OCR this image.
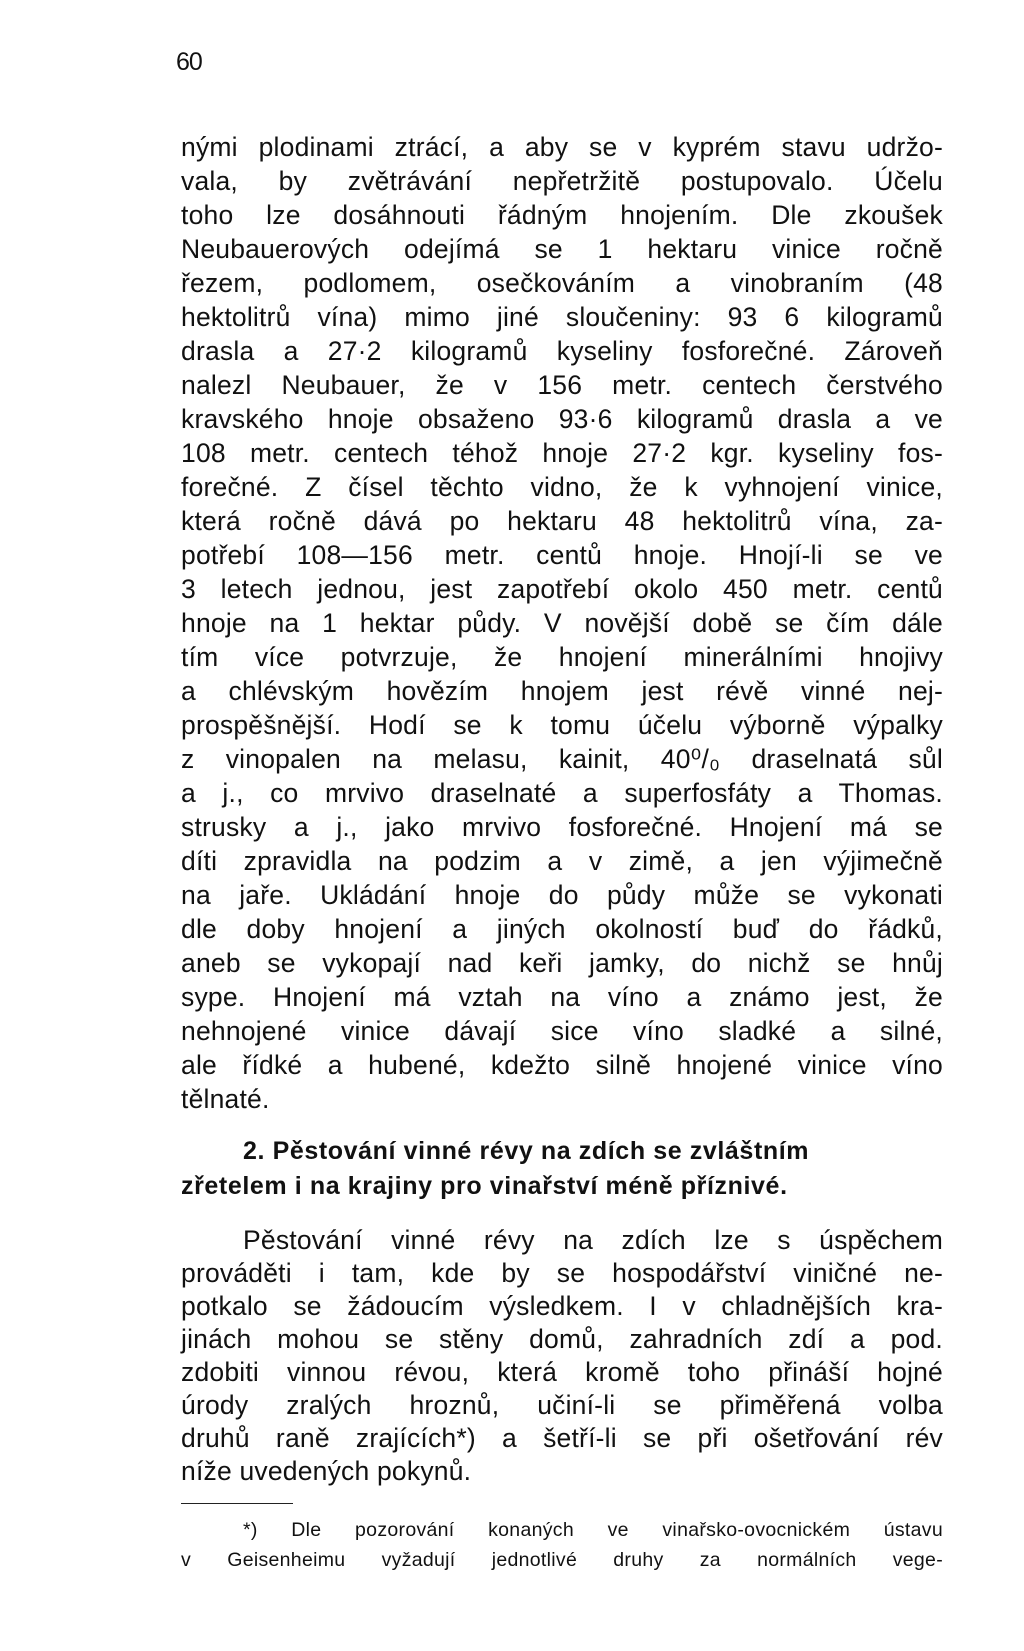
60
nými plodinami ztrácí, a aby se v kyprém stavu udržo-
vala, by zvětrávání nepřetržitě postupovalo. Účelu
toho lze dosáhnouti řádným hnojením. Dle zkoušek
Neubauerových odejímá se 1 hektaru vinice ročně
řezem, podlomem, osečkováním a vinobraním (48
hektolitrů vína) mimo jiné sloučeniny: 93 6 kilogramů
drasla a 27·2 kilogramů kyseliny fosforečné. Zároveň
nalezl Neubauer, že v 156 metr. centech čerstvého
kravského hnoje obsaženo 93·6 kilogramů drasla a ve
108 metr. centech téhož hnoje 27·2 kgr. kyseliny fos-
forečné. Z čísel těchto vidno, že k vyhnojení vinice,
která ročně dává po hektaru 48 hektolitrů vína, za-
potřebí 108—156 metr. centů hnoje. Hnojí-li se ve
3 letech jednou, jest zapotřebí okolo 450 metr. centů
hnoje na 1 hektar půdy. V novější době se čím dále
tím více potvrzuje, že hnojení minerálními hnojivy
a chlévským hovězím hnojem jest révě vinné nej-
prospěšnější. Hodí se k tomu účelu výborně výpalky
z vinopalen na melasu, kainit, 40⁰/₀ draselnatá sůl
a j., co mrvivo draselnaté a superfosfáty a Thomas.
strusky a j., jako mrvivo fosforečné. Hnojení má se
díti zpravidla na podzim a v zimě, a jen výjimečně
na jaře. Ukládání hnoje do půdy může se vykonati
dle doby hnojení a jiných okolností buď do řádků,
aneb se vykopají nad keři jamky, do nichž se hnůj
sype. Hnojení má vztah na víno a známo jest, že
nehnojené vinice dávají sice víno sladké a silné,
ale řídké a hubené, kdežto silně hnojené vinice víno
tělnaté.
2. Pěstování vinné révy na zdích se zvláštním
zřetelem i na krajiny pro vinařství méně příznivé.
Pěstování vinné révy na zdích lze s úspěchem
prováděti i tam, kde by se hospodářství viničné ne-
potkalo se žádoucím výsledkem. I v chladnějších kra-
jinách mohou se stěny domů, zahradních zdí a pod.
zdobiti vinnou révou, která kromě toho přináší hojné
úrody zralých hroznů, učiní-li se přiměřená volba
druhů raně zrajících*) a šetří-li se při ošetřování rév
níže uvedených pokynů.
*) Dle pozorování konaných ve vinařsko-ovocnickém ústavu
v Geisenheimu vyžadují jednotlivé druhy za normálních vege-
